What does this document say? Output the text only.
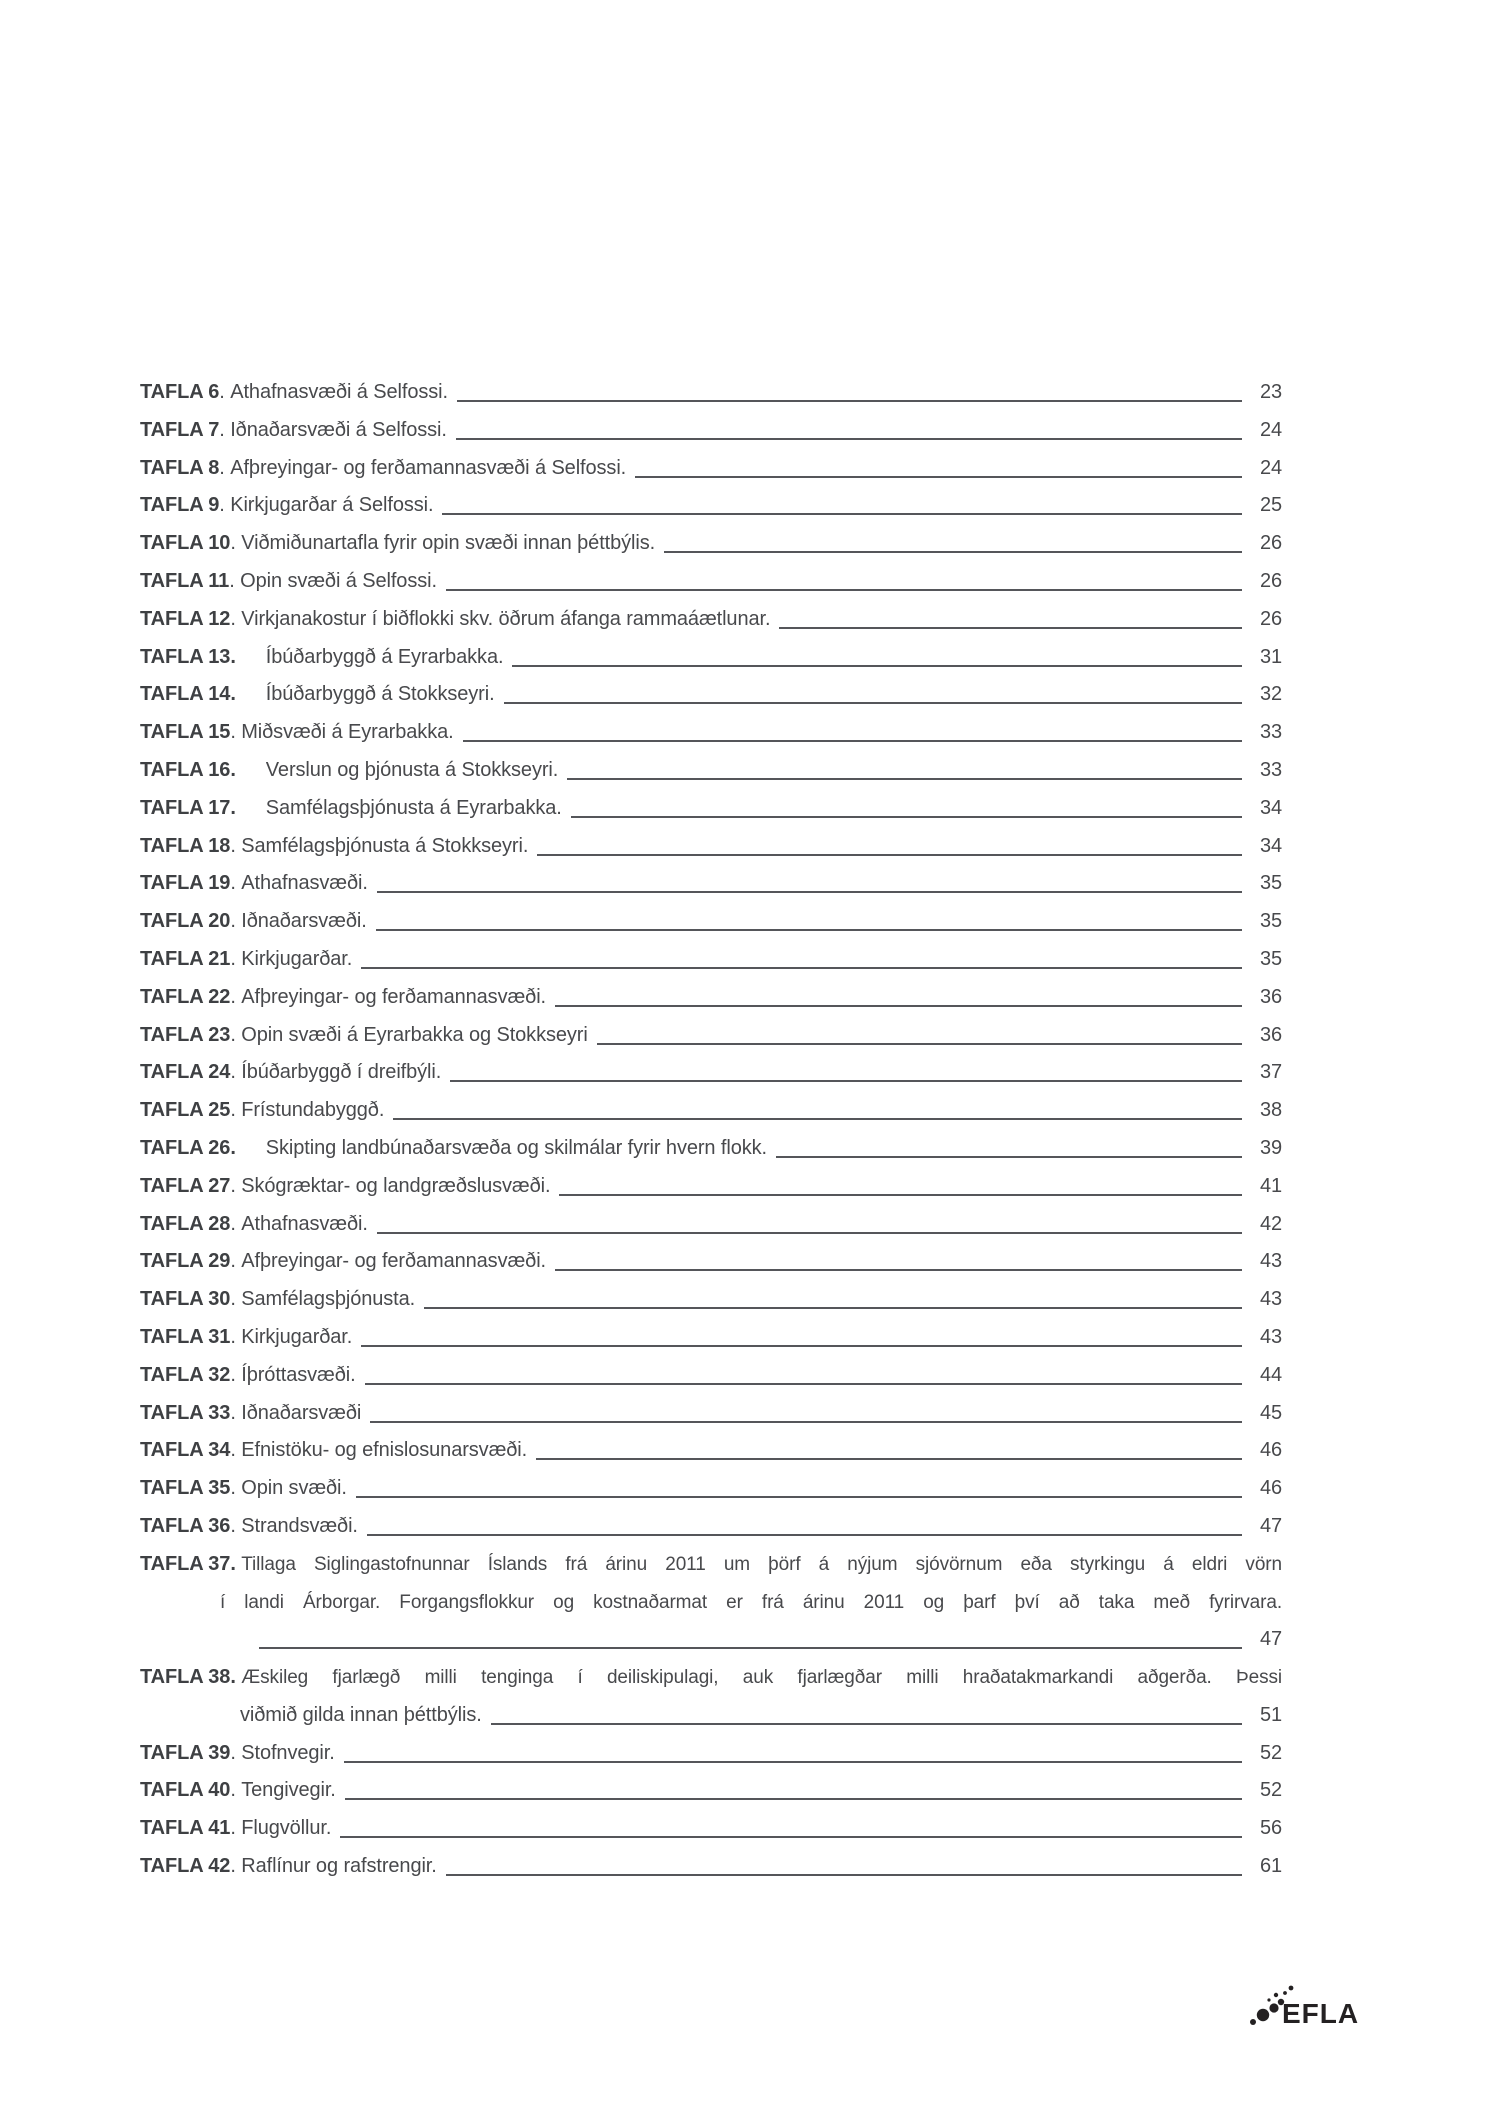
TAFLA 6 . Athafnasvæði á Selfossi.	23
TAFLA 7 . Iðnaðarsvæði á Selfossi.	24
TAFLA 8 . Afþreyingar- og ferðamannasvæði á Selfossi.	24
TAFLA 9 . Kirkjugarðar á Selfossi.	25
TAFLA 10 . Viðmiðunartafla fyrir opin svæði innan þéttbýlis.	26
TAFLA 11 . Opin svæði á Selfossi.	26
TAFLA 12 . Virkjanakostur í biðflokki skv. öðrum áfanga rammaáætlunar.	26
TAFLA 13. Íbúðarbyggð á Eyrarbakka.	31
TAFLA 14. Íbúðarbyggð á Stokkseyri.	32
TAFLA 15 . Miðsvæði á Eyrarbakka.	33
TAFLA 16. Verslun og þjónusta á Stokkseyri.	33
TAFLA 17. Samfélagsþjónusta á Eyrarbakka.	34
TAFLA 18 . Samfélagsþjónusta á Stokkseyri.	34
TAFLA 19 . Athafnasvæði.	35
TAFLA 20 . Iðnaðarsvæði.	35
TAFLA 21 . Kirkjugarðar.	35
TAFLA 22 . Afþreyingar- og ferðamannasvæði.	36
TAFLA 23 . Opin svæði á Eyrarbakka og Stokkseyri	36
TAFLA 24 . Íbúðarbyggð í dreifbýli.	37
TAFLA 25 . Frístundabyggð.	38
TAFLA 26. Skipting landbúnaðarsvæða og skilmálar fyrir hvern flokk.	39
TAFLA 27 . Skógræktar- og landgræðslusvæði.	41
TAFLA 28 . Athafnasvæði.	42
TAFLA 29 . Afþreyingar- og ferðamannasvæði.	43
TAFLA 30 . Samfélagsþjónusta.	43
TAFLA 31 . Kirkjugarðar.	43
TAFLA 32 . Íþróttasvæði.	44
TAFLA 33 . Iðnaðarsvæði	45
TAFLA 34 . Efnistöku- og efnislosunarsvæði.	46
TAFLA 35 . Opin svæði.	46
TAFLA 36 . Strandsvæði.	47
TAFLA 37.
Tillaga Siglingastofnunnar Íslands frá árinu 2011 um þörf á nýjum sjóvörnum eða styrkingu á eldri vörn
í landi Árborgar. Forgangsflokkur og kostnaðarmat er frá árinu 2011 og þarf því að taka með fyrirvara.
47
TAFLA 38.
Æskileg fjarlægð milli tenginga í deiliskipulagi, auk fjarlægðar milli hraðatakmarkandi aðgerða. Þessi
viðmið gilda innan þéttbýlis.	51
TAFLA 39 . Stofnvegir.	52
TAFLA 40 . Tengivegir.	52
TAFLA 41 . Flugvöllur.	56
TAFLA 42 . Raflínur og rafstrengir.	61
EFLA
